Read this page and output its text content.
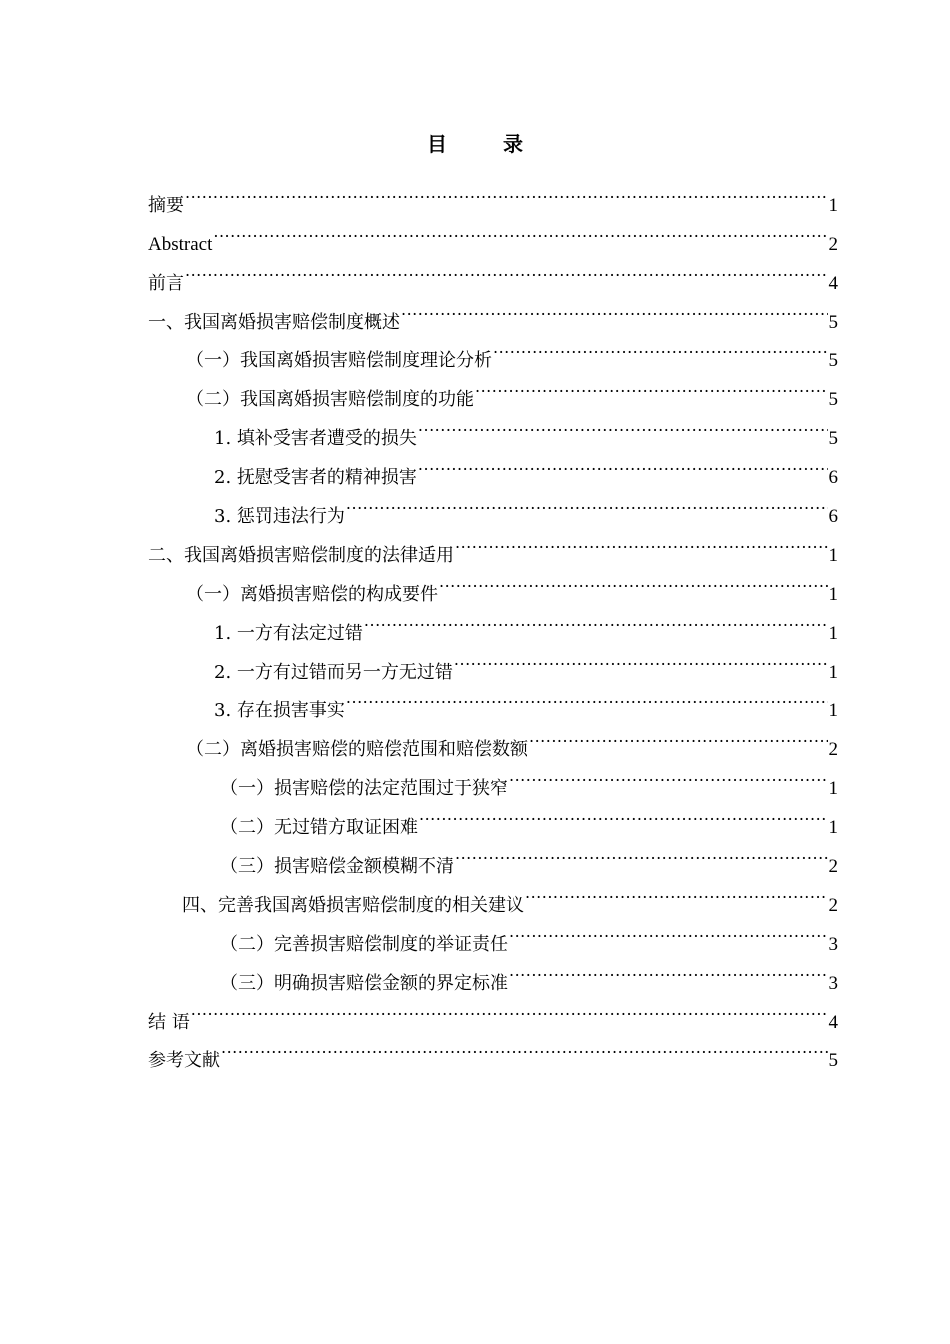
目　录
摘要 .....	1
Abstract .....	2
前言 .....	4
一、我国离婚损害赔偿制度概述 .....	5
（一）我国离婚损害赔偿制度理论分析 .....	5
（二）我国离婚损害赔偿制度的功能 .....	5
1. 填补受害者遭受的损失 .....	5
2. 抚慰受害者的精神损害 .....	6
3. 惩罚违法行为 .....	6
二、我国离婚损害赔偿制度的法律适用 .....	1
（一）离婚损害赔偿的构成要件 .....	1
1. 一方有法定过错 .....	1
2. 一方有过错而另一方无过错 .....	1
3. 存在损害事实 .....	1
（二）离婚损害赔偿的赔偿范围和赔偿数额 .....	2
（一）损害赔偿的法定范围过于狭窄 .....	1
（二）无过错方取证困难 .....	1
（三）损害赔偿金额模糊不清 .....	2
四、完善我国离婚损害赔偿制度的相关建议 .....	2
（二）完善损害赔偿制度的举证责任 .....	3
（三）明确损害赔偿金额的界定标准 .....	3
结 语 .....	4
参考文献 .....	5
